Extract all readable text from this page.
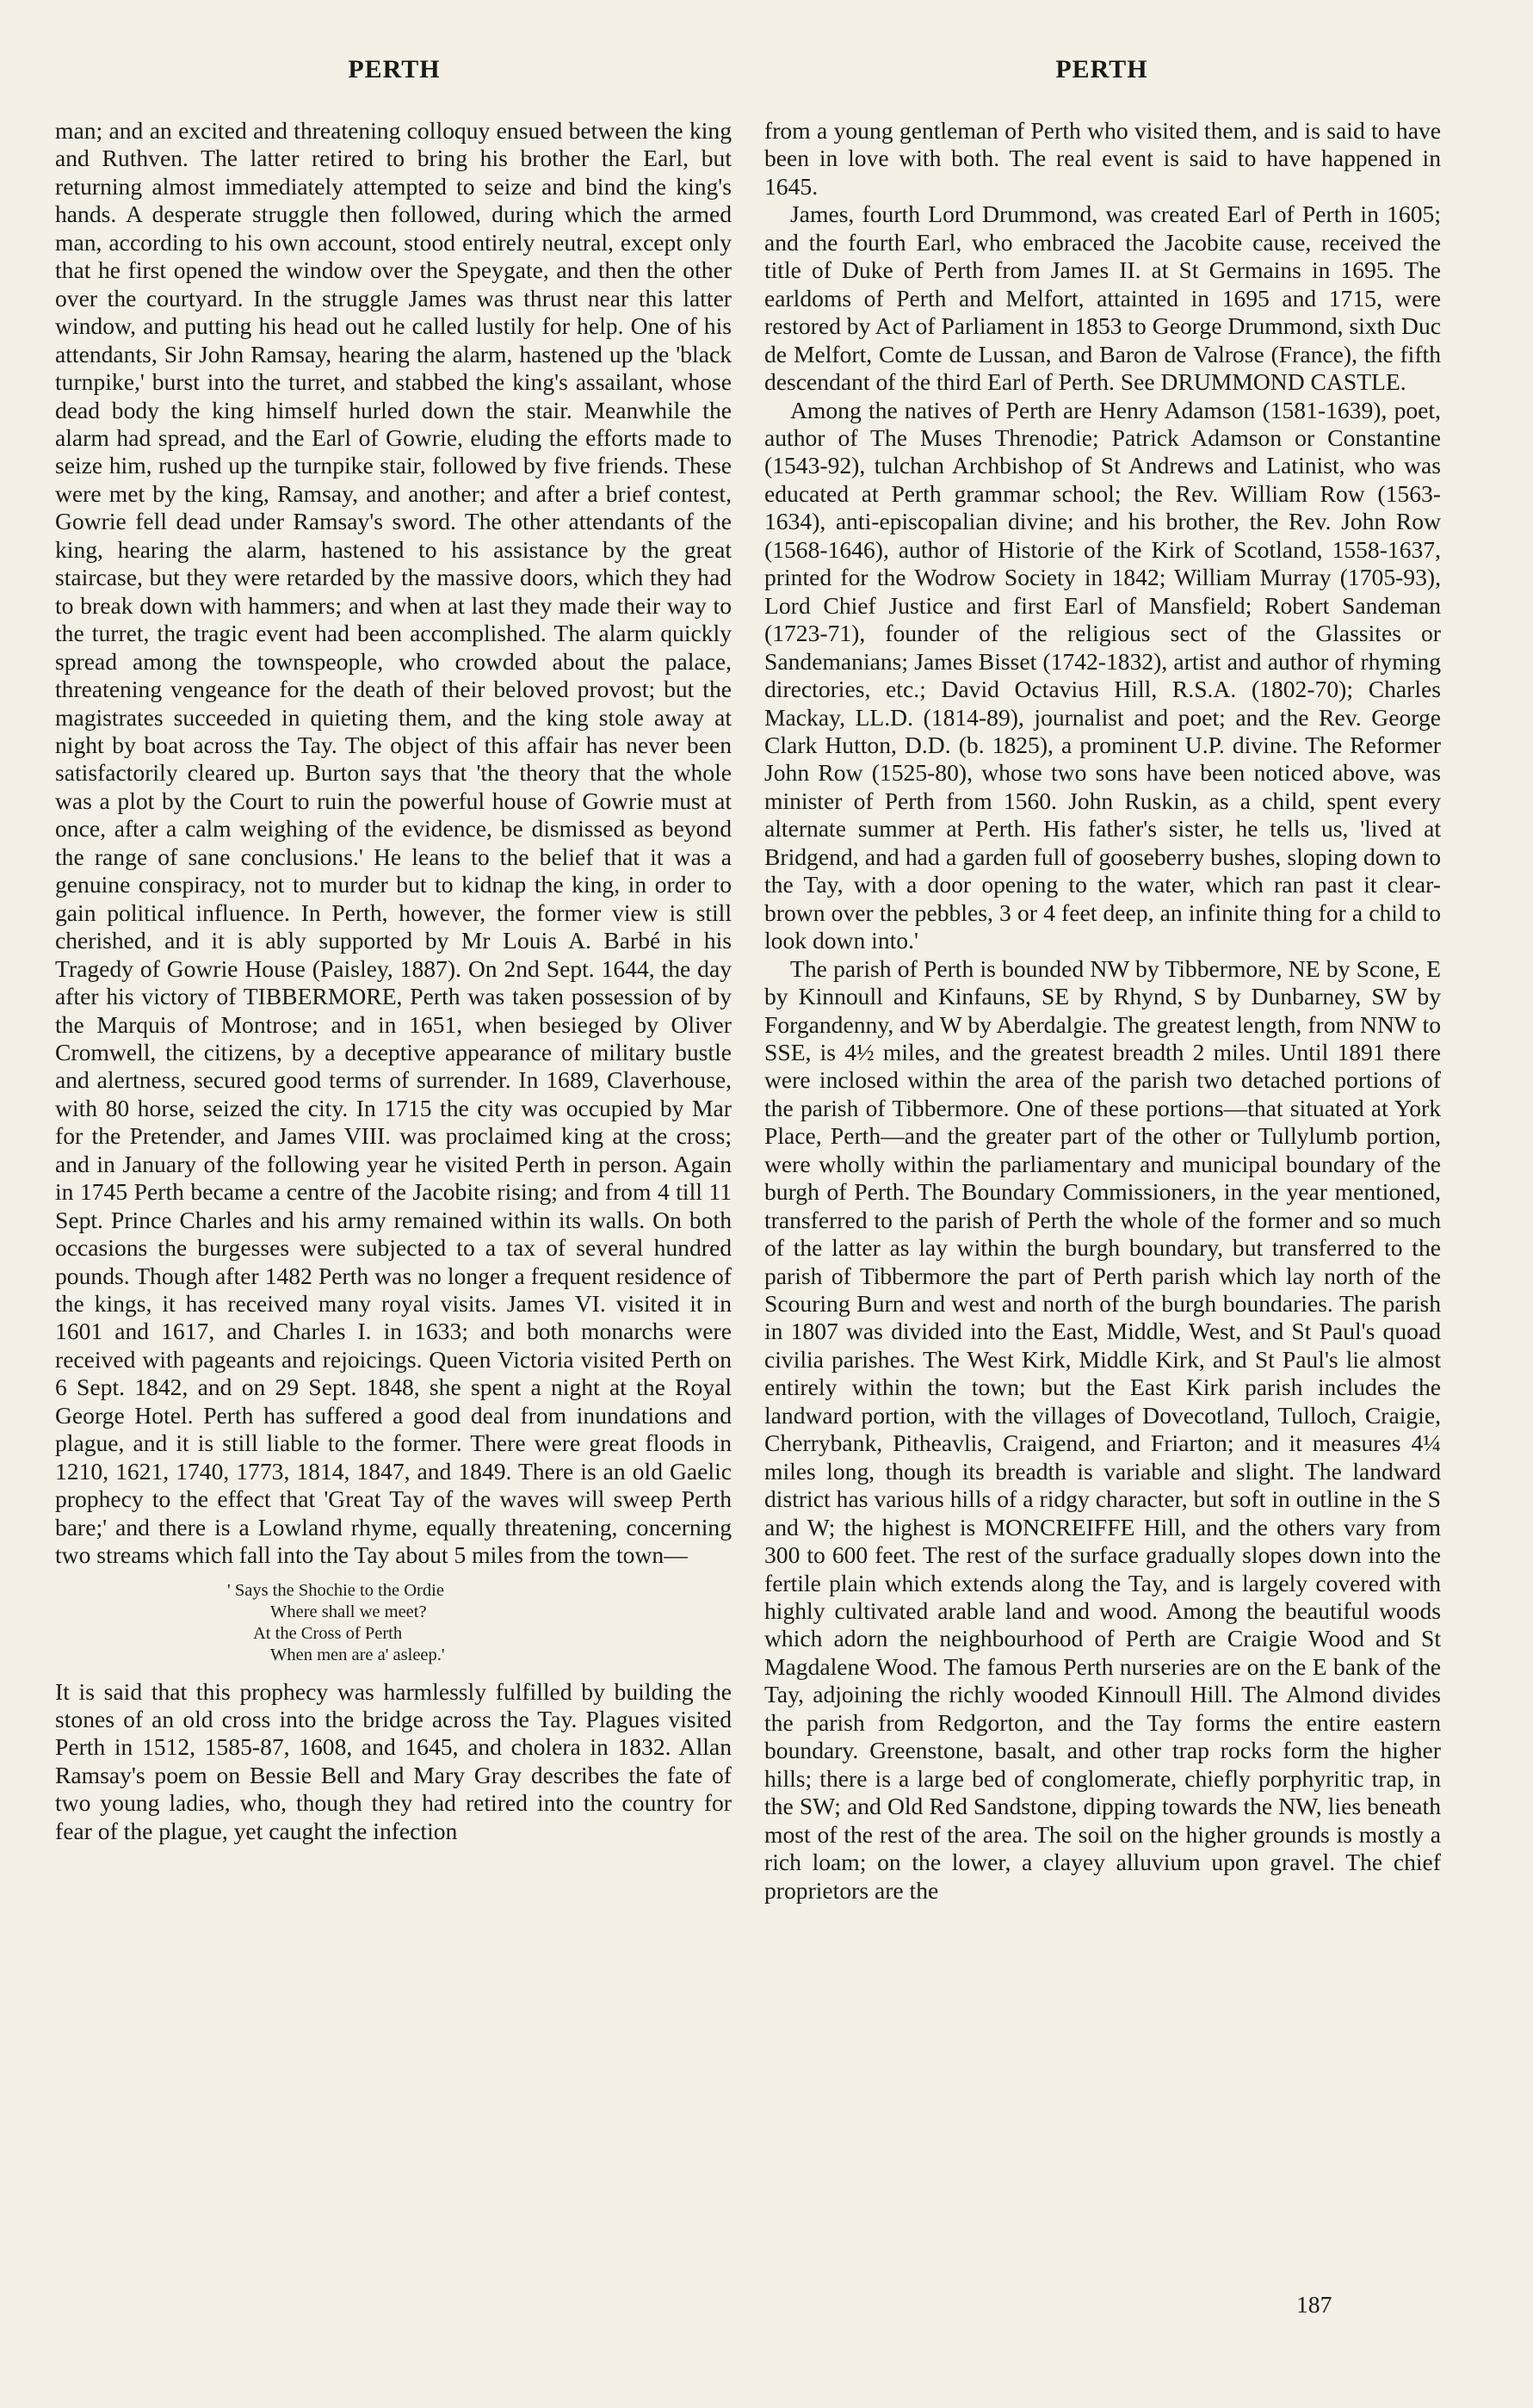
PERTH	PERTH

man; and an excited and threatening colloquy ensued between the king and Ruthven. The latter retired to bring his brother the Earl, but returning almost immediately attempted to seize and bind the king's hands. A desperate struggle then followed, during which the armed man, according to his own account, stood entirely neutral, except only that he first opened the window over the Speygate, and then the other over the courtyard. In the struggle James was thrust near this latter window, and putting his head out he called lustily for help. One of his attendants, Sir John Ramsay, hearing the alarm, hastened up the 'black turnpike,' burst into the turret, and stabbed the king's assailant, whose dead body the king himself hurled down the stair. Meanwhile the alarm had spread, and the Earl of Gowrie, eluding the efforts made to seize him, rushed up the turnpike stair, followed by five friends. These were met by the king, Ramsay, and another; and after a brief contest, Gowrie fell dead under Ramsay's sword. The other attendants of the king, hearing the alarm, hastened to his assistance by the great staircase, but they were retarded by the massive doors, which they had to break down with hammers; and when at last they made their way to the turret, the tragic event had been accomplished. The alarm quickly spread among the townspeople, who crowded about the palace, threatening vengeance for the death of their beloved provost; but the magistrates succeeded in quieting them, and the king stole away at night by boat across the Tay. The object of this affair has never been satisfactorily cleared up. Burton says that 'the theory that the whole was a plot by the Court to ruin the powerful house of Gowrie must at once, after a calm weighing of the evidence, be dismissed as beyond the range of sane conclusions.' He leans to the belief that it was a genuine conspiracy, not to murder but to kidnap the king, in order to gain political influence. In Perth, however, the former view is still cherished, and it is ably supported by Mr Louis A. Barbé in his Tragedy of Gowrie House (Paisley, 1887). On 2nd Sept. 1644, the day after his victory of TIBBERMORE, Perth was taken possession of by the Marquis of Montrose; and in 1651, when besieged by Oliver Cromwell, the citizens, by a deceptive appearance of military bustle and alertness, secured good terms of surrender. In 1689, Claverhouse, with 80 horse, seized the city. In 1715 the city was occupied by Mar for the Pretender, and James VIII. was proclaimed king at the cross; and in January of the following year he visited Perth in person. Again in 1745 Perth became a centre of the Jacobite rising; and from 4 till 11 Sept. Prince Charles and his army remained within its walls. On both occasions the burgesses were subjected to a tax of several hundred pounds. Though after 1482 Perth was no longer a frequent residence of the kings, it has received many royal visits. James VI. visited it in 1601 and 1617, and Charles I. in 1633; and both monarchs were received with pageants and rejoicings. Queen Victoria visited Perth on 6 Sept. 1842, and on 29 Sept. 1848, she spent a night at the Royal George Hotel. Perth has suffered a good deal from inundations and plague, and it is still liable to the former. There were great floods in 1210, 1621, 1740, 1773, 1814, 1847, and 1849. There is an old Gaelic prophecy to the effect that 'Great Tay of the waves will sweep Perth bare;' and there is a Lowland rhyme, equally threatening, concerning two streams which fall into the Tay about 5 miles from the town—

' Says the Shochie to the Ordie
Where shall we meet?
At the Cross of Perth
When men are a' asleep.'

It is said that this prophecy was harmlessly fulfilled by building the stones of an old cross into the bridge across the Tay. Plagues visited Perth in 1512, 1585-87, 1608, and 1645, and cholera in 1832. Allan Ramsay's poem on Bessie Bell and Mary Gray describes the fate of two young ladies, who, though they had retired into the country for fear of the plague, yet caught the infection

from a young gentleman of Perth who visited them, and is said to have been in love with both. The real event is said to have happened in 1645.

James, fourth Lord Drummond, was created Earl of Perth in 1605; and the fourth Earl, who embraced the Jacobite cause, received the title of Duke of Perth from James II. at St Germains in 1695. The earldoms of Perth and Melfort, attainted in 1695 and 1715, were restored by Act of Parliament in 1853 to George Drummond, sixth Duc de Melfort, Comte de Lussan, and Baron de Valrose (France), the fifth descendant of the third Earl of Perth. See DRUMMOND CASTLE.

Among the natives of Perth are Henry Adamson (1581-1639), poet, author of The Muses Threnodie; Patrick Adamson or Constantine (1543-92), tulchan Archbishop of St Andrews and Latinist, who was educated at Perth grammar school; the Rev. William Row (1563-1634), anti-episcopalian divine; and his brother, the Rev. John Row (1568-1646), author of Historie of the Kirk of Scotland, 1558-1637, printed for the Wodrow Society in 1842; William Murray (1705-93), Lord Chief Justice and first Earl of Mansfield; Robert Sandeman (1723-71), founder of the religious sect of the Glassites or Sandemanians; James Bisset (1742-1832), artist and author of rhyming directories, etc.; David Octavius Hill, R.S.A. (1802-70); Charles Mackay, LL.D. (1814-89), journalist and poet; and the Rev. George Clark Hutton, D.D. (b. 1825), a prominent U.P. divine. The Reformer John Row (1525-80), whose two sons have been noticed above, was minister of Perth from 1560. John Ruskin, as a child, spent every alternate summer at Perth. His father's sister, he tells us, 'lived at Bridgend, and had a garden full of gooseberry bushes, sloping down to the Tay, with a door opening to the water, which ran past it clear-brown over the pebbles, 3 or 4 feet deep, an infinite thing for a child to look down into.'

The parish of Perth is bounded NW by Tibbermore, NE by Scone, E by Kinnoull and Kinfauns, SE by Rhynd, S by Dunbarney, SW by Forgandenny, and W by Aberdalgie. The greatest length, from NNW to SSE, is 4½ miles, and the greatest breadth 2 miles. Until 1891 there were inclosed within the area of the parish two detached portions of the parish of Tibbermore. One of these portions—that situated at York Place, Perth—and the greater part of the other or Tullylumb portion, were wholly within the parliamentary and municipal boundary of the burgh of Perth. The Boundary Commissioners, in the year mentioned, transferred to the parish of Perth the whole of the former and so much of the latter as lay within the burgh boundary, but transferred to the parish of Tibbermore the part of Perth parish which lay north of the Scouring Burn and west and north of the burgh boundaries. The parish in 1807 was divided into the East, Middle, West, and St Paul's quoad civilia parishes. The West Kirk, Middle Kirk, and St Paul's lie almost entirely within the town; but the East Kirk parish includes the landward portion, with the villages of Dovecotland, Tulloch, Craigie, Cherrybank, Pitheavlis, Craigend, and Friarton; and it measures 4¼ miles long, though its breadth is variable and slight. The landward district has various hills of a ridgy character, but soft in outline in the S and W; the highest is MONCREIFFE Hill, and the others vary from 300 to 600 feet. The rest of the surface gradually slopes down into the fertile plain which extends along the Tay, and is largely covered with highly cultivated arable land and wood. Among the beautiful woods which adorn the neighbourhood of Perth are Craigie Wood and St Magdalene Wood. The famous Perth nurseries are on the E bank of the Tay, adjoining the richly wooded Kinnoull Hill. The Almond divides the parish from Redgorton, and the Tay forms the entire eastern boundary. Greenstone, basalt, and other trap rocks form the higher hills; there is a large bed of conglomerate, chiefly porphyritic trap, in the SW; and Old Red Sandstone, dipping towards the NW, lies beneath most of the rest of the area. The soil on the higher grounds is mostly a rich loam; on the lower, a clayey alluvium upon gravel. The chief proprietors are the

187
